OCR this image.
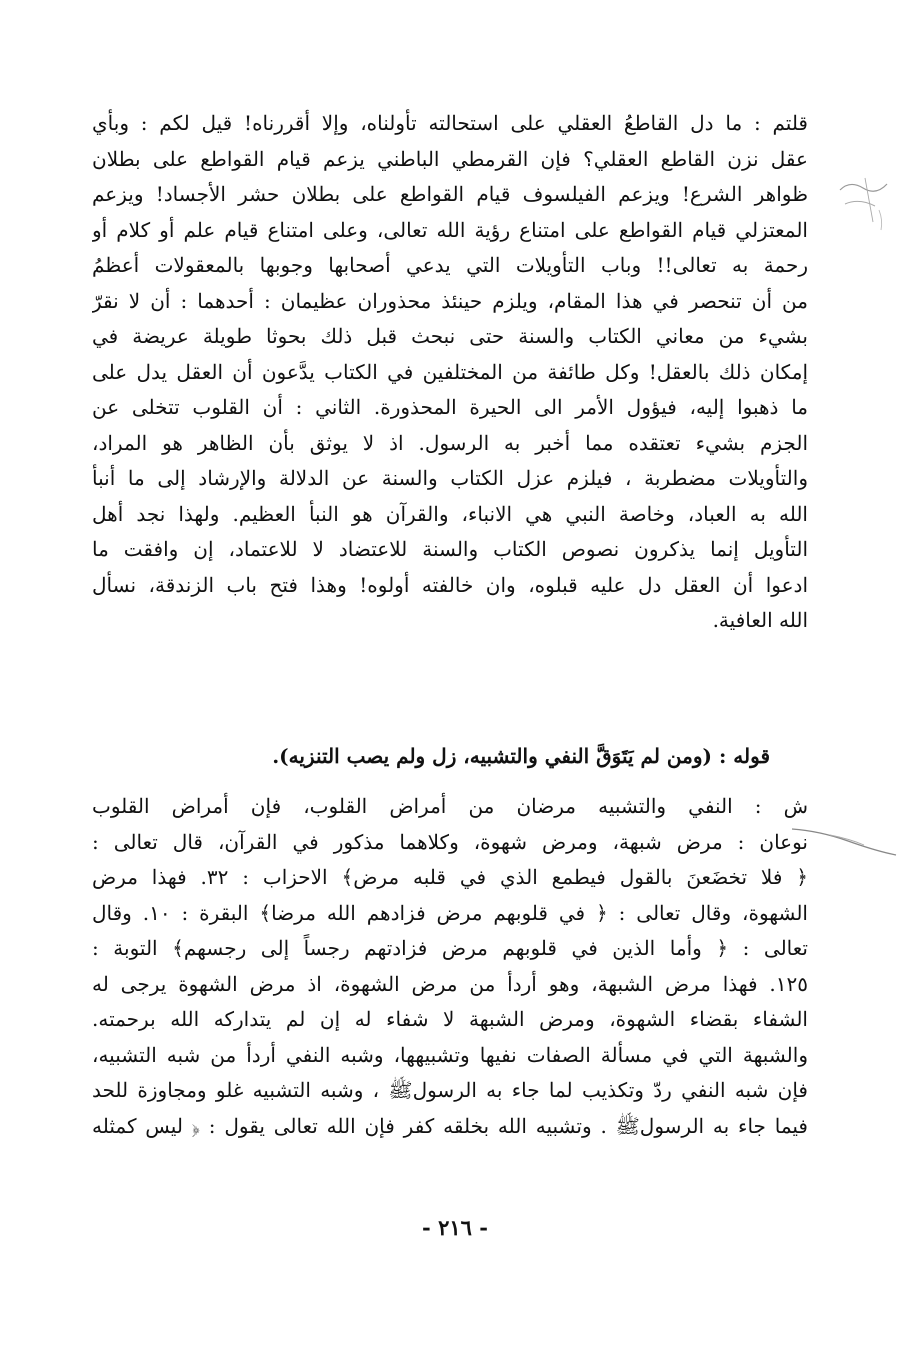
قلتم : ما دل القاطعُ العقلي على استحالته تأولناه، وإلا أقررناه! قيل لكم : وبأي
عقل نزن القاطع العقلي؟ فإن القرمطي الباطني يزعم قيام القواطع على بطلان
ظواهر الشرع! ويزعم الفيلسوف قيام القواطع على بطلان حشر الأجساد! ويزعم
المعتزلي قيام القواطع على امتناع رؤية الله تعالى، وعلى امتناع قيام علم أو كلام أو
رحمة به تعالى!! وباب التأويلات التي يدعي أصحابها وجوبها بالمعقولات أعظمُ
من أن تنحصر في هذا المقام، ويلزم حينئذ محذوران عظيمان : أحدهما : أن لا نقرّ
بشيء من معاني الكتاب والسنة حتى نبحث قبل ذلك بحوثا طويلة عريضة في
إمكان ذلك بالعقل! وكل طائفة من المختلفين في الكتاب يدَّعون أن العقل يدل على
ما ذهبوا إليه، فيؤول الأمر الى الحيرة المحذورة. الثاني : أن القلوب تتخلى عن
الجزم بشيء تعتقده مما أخبر به الرسول. اذ لا يوثق بأن الظاهر هو المراد،
والتأويلات مضطربة ، فيلزم عزل الكتاب والسنة عن الدلالة والإرشاد إلى ما أنبأ
الله به العباد، وخاصة النبي هي الانباء، والقرآن هو النبأ العظيم. ولهذا نجد أهل
التأويل إنما يذكرون نصوص الكتاب والسنة للاعتضاد لا للاعتماد، إن وافقت ما
ادعوا أن العقل دل عليه قبلوه، وان خالفته أولوه! وهذا فتح باب الزندقة، نسأل
الله العافية.
قوله : (ومن لم يَتَوَقَّ النفي والتشبيه، زل ولم يصب التنزيه).
ش : النفي والتشبيه مرضان من أمراض القلوب، فإن أمراض القلوب
نوعان : مرض شبهة، ومرض شهوة، وكلاهما مذكور في القرآن، قال تعالى :
﴿ فلا تخضَعنَ بالقول فيطمع الذي في قلبه مرض﴾ الاحزاب : ٣٢. فهذا مرض
الشهوة، وقال تعالى : ﴿ في قلوبهم مرض فزادهم الله مرضا﴾ البقرة : ١٠. وقال
تعالى : ﴿ وأما الذين في قلوبهم مرض فزادتهم رجساً إلى رجسهم﴾ التوبة :
١٢٥. فهذا مرض الشبهة، وهو أردأ من مرض الشهوة، اذ مرض الشهوة يرجى له
الشفاء بقضاء الشهوة، ومرض الشبهة لا شفاء له إن لم يتداركه الله برحمته.
والشبهة التي في مسألة الصفات نفيها وتشبيهها، وشبه النفي أردأ من شبه التشبيه،
فإن شبه النفي ردّ وتكذيب لما جاء به الرسولﷺ ، وشبه التشبيه غلو ومجاوزة للحد
فيما جاء به الرسولﷺ . وتشبيه الله بخلقه كفر فإن الله تعالى يقول : ﴿ ليس كمثله
- ٢١٦ -
